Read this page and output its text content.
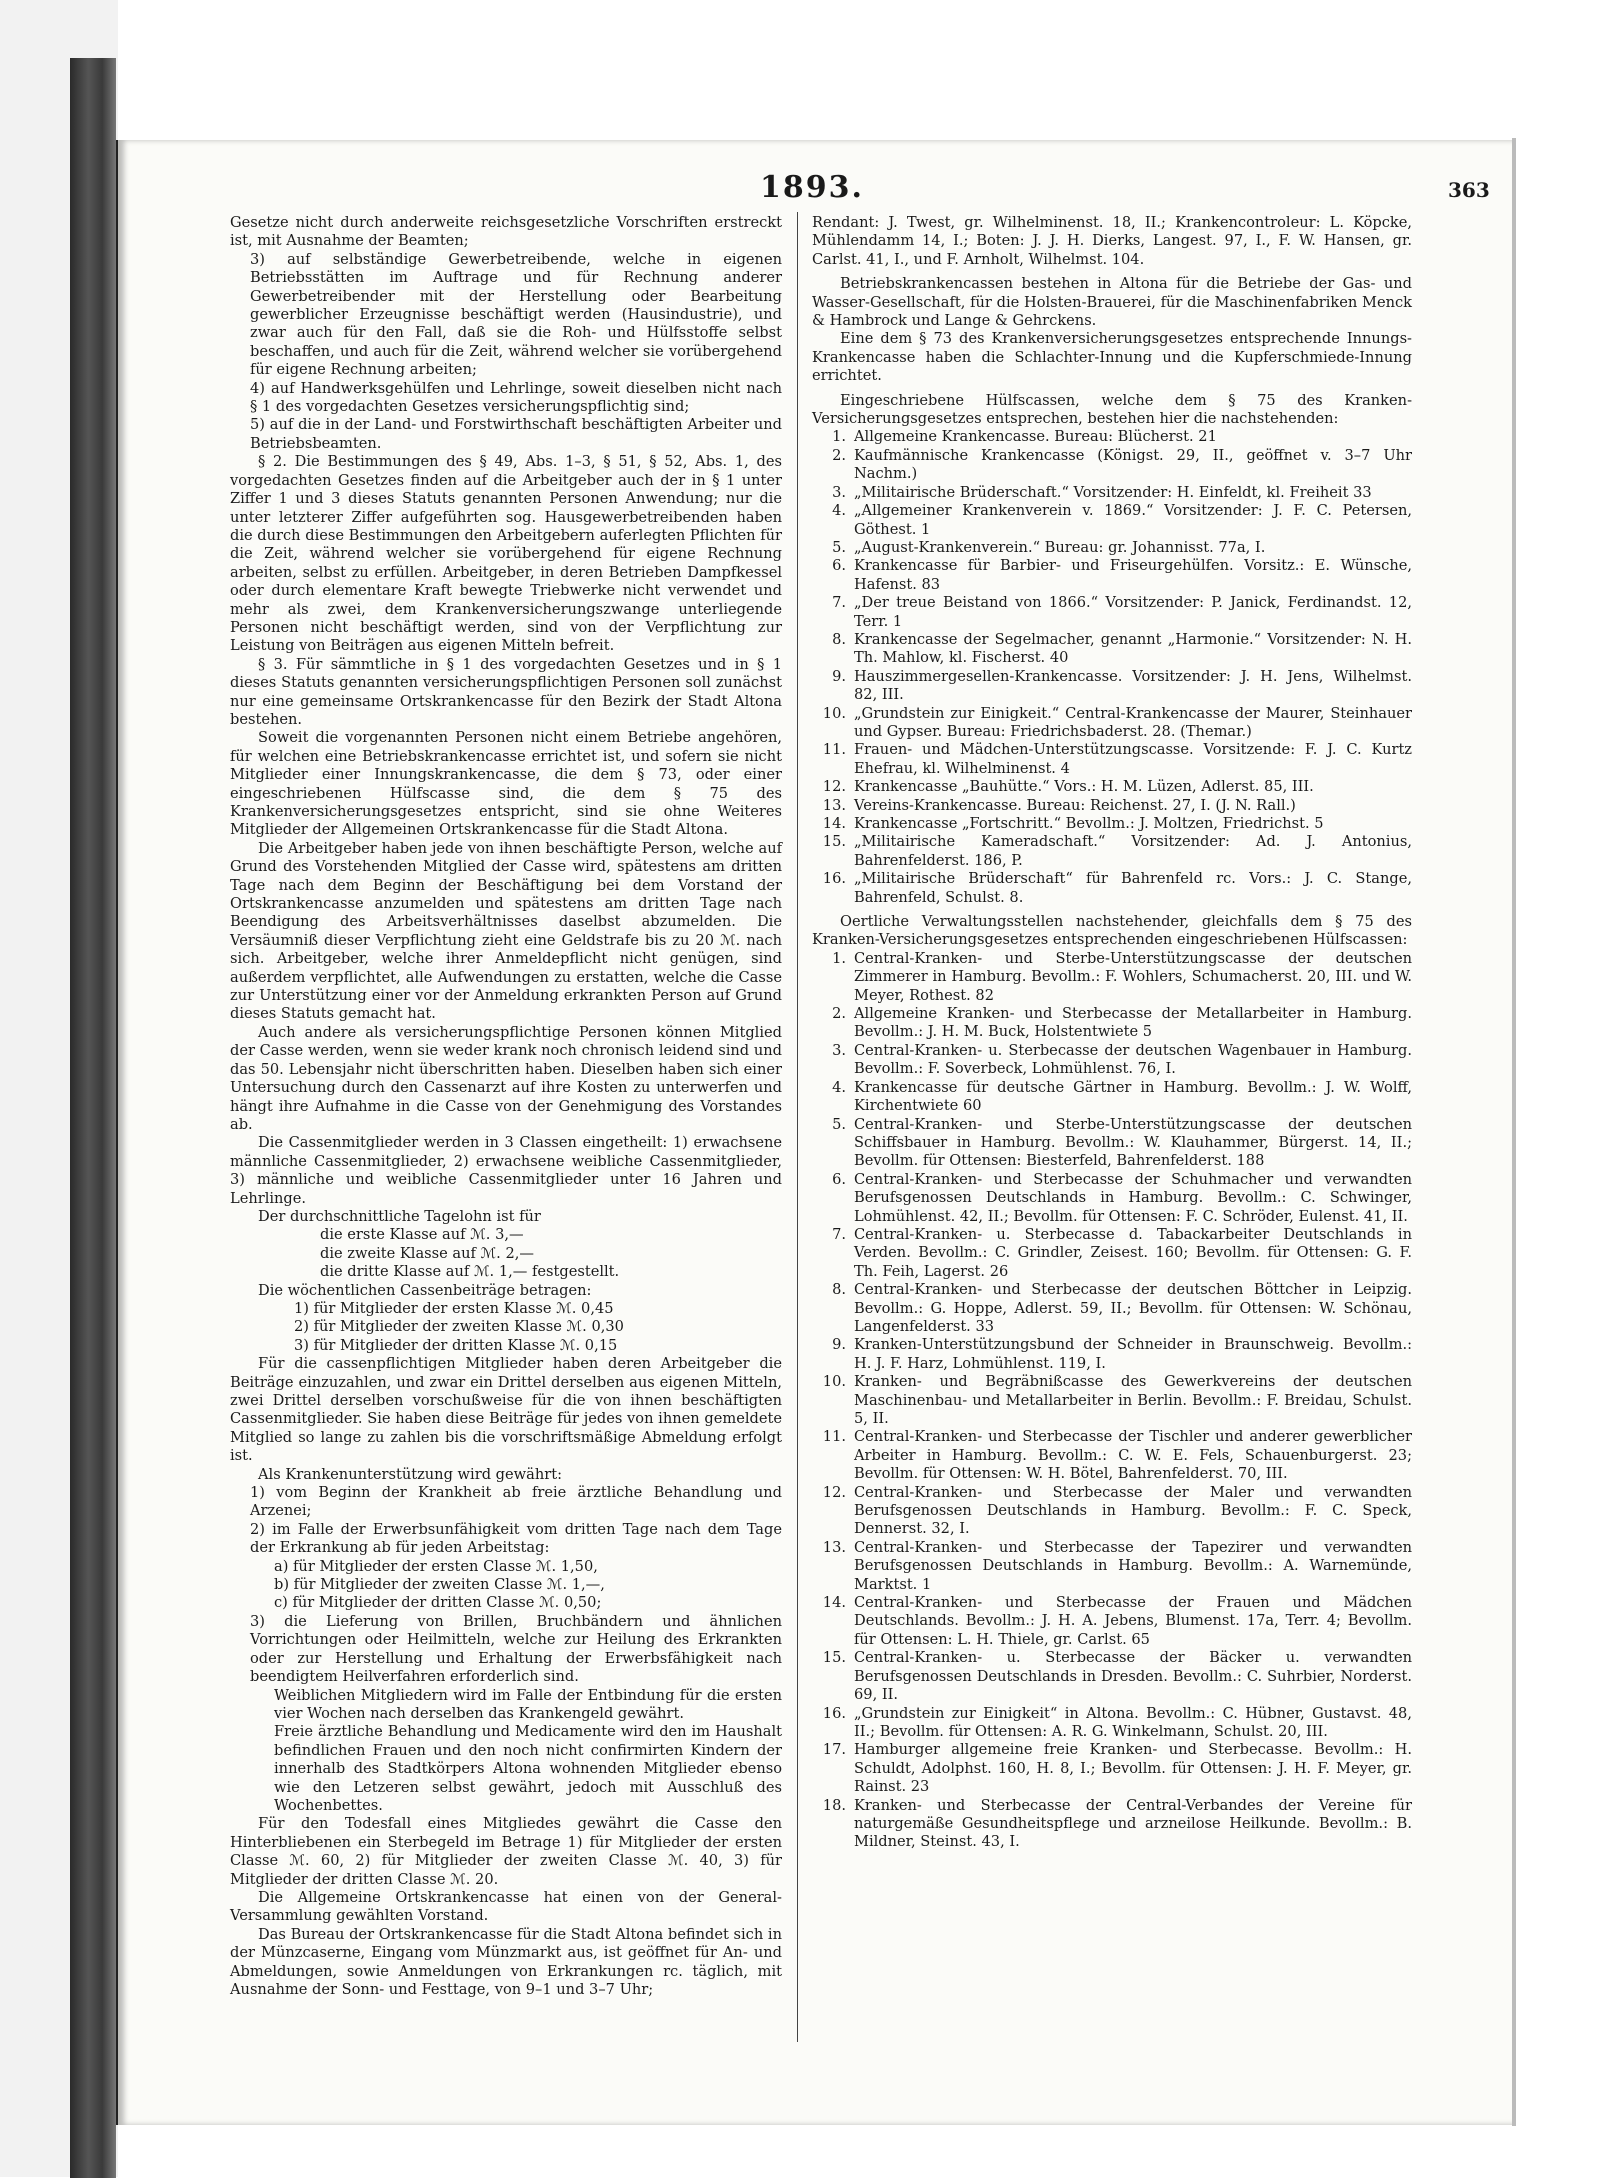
1893.	363

Gesetze nicht durch anderweite reichsgesetzliche Vorschriften erstreckt ist, mit Ausnahme der Beamten;

3) auf selbständige Gewerbetreibende, welche in eigenen Betriebsstätten im Auftrage und für Rechnung anderer Gewerbetreibender mit der Herstellung oder Bearbeitung gewerblicher Erzeugnisse beschäftigt werden (Hausindustrie), und zwar auch für den Fall, daß sie die Roh- und Hülfsstoffe selbst beschaffen, und auch für die Zeit, während welcher sie vorübergehend für eigene Rechnung arbeiten;

4) auf Handwerksgehülfen und Lehrlinge, soweit dieselben nicht nach § 1 des vorgedachten Gesetzes versicherungspflichtig sind;

5) auf die in der Land- und Forstwirthschaft beschäftigten Arbeiter und Betriebsbeamten.

§ 2. Die Bestimmungen des § 49, Abs. 1–3, § 51, § 52, Abs. 1, des vorgedachten Gesetzes finden auf die Arbeitgeber auch der in § 1 unter Ziffer 1 und 3 dieses Statuts genannten Personen Anwendung; nur die unter letzterer Ziffer aufgeführten sog. Hausgewerbetreibenden haben die durch diese Bestimmungen den Arbeitgebern auferlegten Pflichten für die Zeit, während welcher sie vorübergehend für eigene Rechnung arbeiten, selbst zu erfüllen. Arbeitgeber, in deren Betrieben Dampfkessel oder durch elementare Kraft bewegte Triebwerke nicht verwendet und mehr als zwei, dem Krankenversicherungszwange unterliegende Personen nicht beschäftigt werden, sind von der Verpflichtung zur Leistung von Beiträgen aus eigenen Mitteln befreit.

§ 3. Für sämmtliche in § 1 des vorgedachten Gesetzes und in § 1 dieses Statuts genannten versicherungspflichtigen Personen soll zunächst nur eine gemeinsame Ortskrankencasse für den Bezirk der Stadt Altona bestehen.

Soweit die vorgenannten Personen nicht einem Betriebe angehören, für welchen eine Betriebskrankencasse errichtet ist, und sofern sie nicht Mitglieder einer Innungskrankencasse, die dem § 73, oder einer eingeschriebenen Hülfscasse sind, die dem § 75 des Krankenversicherungsgesetzes entspricht, sind sie ohne Weiteres Mitglieder der Allgemeinen Ortskrankencasse für die Stadt Altona.

Die Arbeitgeber haben jede von ihnen beschäftigte Person, welche auf Grund des Vorstehenden Mitglied der Casse wird, spätestens am dritten Tage nach dem Beginn der Beschäftigung bei dem Vorstand der Ortskrankencasse anzumelden und spätestens am dritten Tage nach Beendigung des Arbeitsverhältnisses daselbst abzumelden. Die Versäumniß dieser Verpflichtung zieht eine Geldstrafe bis zu 20 ℳ. nach sich. Arbeitgeber, welche ihrer Anmeldepflicht nicht genügen, sind außerdem verpflichtet, alle Aufwendungen zu erstatten, welche die Casse zur Unterstützung einer vor der Anmeldung erkrankten Person auf Grund dieses Statuts gemacht hat.

Auch andere als versicherungspflichtige Personen können Mitglied der Casse werden, wenn sie weder krank noch chronisch leidend sind und das 50. Lebensjahr nicht überschritten haben. Dieselben haben sich einer Untersuchung durch den Cassenarzt auf ihre Kosten zu unterwerfen und hängt ihre Aufnahme in die Casse von der Genehmigung des Vorstandes ab.

Die Cassenmitglieder werden in 3 Classen eingetheilt: 1) erwachsene männliche Cassenmitglieder, 2) erwachsene weibliche Cassenmitglieder, 3) männliche und weibliche Cassenmitglieder unter 16 Jahren und Lehrlinge.

Der durchschnittliche Tagelohn ist für

die erste Klasse auf ℳ. 3,—

die zweite Klasse auf ℳ. 2,—

die dritte Klasse auf ℳ. 1,— festgestellt.

Die wöchentlichen Cassenbeiträge betragen:

1) für Mitglieder der ersten Klasse ℳ. 0,45

2) für Mitglieder der zweiten Klasse ℳ. 0,30

3) für Mitglieder der dritten Klasse ℳ. 0,15

Für die cassenpflichtigen Mitglieder haben deren Arbeitgeber die Beiträge einzuzahlen, und zwar ein Drittel derselben aus eigenen Mitteln, zwei Drittel derselben vorschußweise für die von ihnen beschäftigten Cassenmitglieder. Sie haben diese Beiträge für jedes von ihnen gemeldete Mitglied so lange zu zahlen bis die vorschriftsmäßige Abmeldung erfolgt ist.

Als Krankenunterstützung wird gewährt:

1) vom Beginn der Krankheit ab freie ärztliche Behandlung und Arzenei;

2) im Falle der Erwerbsunfähigkeit vom dritten Tage nach dem Tage der Erkrankung ab für jeden Arbeitstag:

a) für Mitglieder der ersten Classe ℳ. 1,50,

b) für Mitglieder der zweiten Classe ℳ. 1,—,

c) für Mitglieder der dritten Classe ℳ. 0,50;

3) die Lieferung von Brillen, Bruchbändern und ähnlichen Vorrichtungen oder Heilmitteln, welche zur Heilung des Erkrankten oder zur Herstellung und Erhaltung der Erwerbsfähigkeit nach beendigtem Heilverfahren erforderlich sind.

Weiblichen Mitgliedern wird im Falle der Entbindung für die ersten vier Wochen nach derselben das Krankengeld gewährt.

Freie ärztliche Behandlung und Medicamente wird den im Haushalt befindlichen Frauen und den noch nicht confirmirten Kindern der innerhalb des Stadtkörpers Altona wohnenden Mitglieder ebenso wie den Letzeren selbst gewährt, jedoch mit Ausschluß des Wochenbettes.

Für den Todesfall eines Mitgliedes gewährt die Casse den Hinterbliebenen ein Sterbegeld im Betrage 1) für Mitglieder der ersten Classe ℳ. 60, 2) für Mitglieder der zweiten Classe ℳ. 40, 3) für Mitglieder der dritten Classe ℳ. 20.

Die Allgemeine Ortskrankencasse hat einen von der General-Versammlung gewählten Vorstand.

Das Bureau der Ortskrankencasse für die Stadt Altona befindet sich in der Münzcaserne, Eingang vom Münzmarkt aus, ist geöffnet für An- und Abmeldungen, sowie Anmeldungen von Erkrankungen rc. täglich, mit Ausnahme der Sonn- und Festtage, von 9–1 und 3–7 Uhr;

Rendant: J. Twest, gr. Wilhelminenst. 18, II.; Krankencontroleur: L. Köpcke, Mühlendamm 14, I.; Boten: J. J. H. Dierks, Langest. 97, I., F. W. Hansen, gr. Carlst. 41, I., und F. Arnholt, Wilhelmst. 104.

Betriebskrankencassen bestehen in Altona für die Betriebe der Gas- und Wasser-Gesellschaft, für die Holsten-Brauerei, für die Maschinenfabriken Menck & Hambrock und Lange & Gehrckens.

Eine dem § 73 des Krankenversicherungsgesetzes entsprechende Innungs-Krankencasse haben die Schlachter-Innung und die Kupferschmiede-Innung errichtet.

Eingeschriebene Hülfscassen, welche dem § 75 des Kranken-Versicherungsgesetzes entsprechen, bestehen hier die nachstehenden:

1. Allgemeine Krankencasse. Bureau: Blücherst. 21
2. Kaufmännische Krankencasse (Königst. 29, II., geöffnet v. 3–7 Uhr Nachm.)
3. „Militairische Brüderschaft.“ Vorsitzender: H. Einfeldt, kl. Freiheit 33
4. „Allgemeiner Krankenverein v. 1869.“ Vorsitzender: J. F. C. Petersen, Göthest. 1
5. „August-Krankenverein.“ Bureau: gr. Johannisst. 77a, I.
6. Krankencasse für Barbier- und Friseurgehülfen. Vorsitz.: E. Wünsche, Hafenst. 83
7. „Der treue Beistand von 1866.“ Vorsitzender: P. Janick, Ferdinandst. 12, Terr. 1
8. Krankencasse der Segelmacher, genannt „Harmonie.“ Vorsitzender: N. H. Th. Mahlow, kl. Fischerst. 40
9. Hauszimmergesellen-Krankencasse. Vorsitzender: J. H. Jens, Wilhelmst. 82, III.
10. „Grundstein zur Einigkeit.“ Central-Krankencasse der Maurer, Steinhauer und Gypser. Bureau: Friedrichsbaderst. 28. (Themar.)
11. Frauen- und Mädchen-Unterstützungscasse. Vorsitzende: F. J. C. Kurtz Ehefrau, kl. Wilhelminenst. 4
12. Krankencasse „Bauhütte.“ Vors.: H. M. Lüzen, Adlerst. 85, III.
13. Vereins-Krankencasse. Bureau: Reichenst. 27, I. (J. N. Rall.)
14. Krankencasse „Fortschritt.“ Bevollm.: J. Moltzen, Friedrichst. 5
15. „Militairische Kameradschaft.“ Vorsitzender: Ad. J. Antonius, Bahrenfelderst. 186, P.
16. „Militairische Brüderschaft“ für Bahrenfeld rc. Vors.: J. C. Stange, Bahrenfeld, Schulst. 8.

Oertliche Verwaltungsstellen nachstehender, gleichfalls dem § 75 des Kranken-Versicherungsgesetzes entsprechenden eingeschriebenen Hülfscassen:

1. Central-Kranken- und Sterbe-Unterstützungscasse der deutschen Zimmerer in Hamburg. Bevollm.: F. Wohlers, Schumacherst. 20, III. und W. Meyer, Rothest. 82
2. Allgemeine Kranken- und Sterbecasse der Metallarbeiter in Hamburg. Bevollm.: J. H. M. Buck, Holstentwiete 5
3. Central-Kranken- u. Sterbecasse der deutschen Wagenbauer in Hamburg. Bevollm.: F. Soverbeck, Lohmühlenst. 76, I.
4. Krankencasse für deutsche Gärtner in Hamburg. Bevollm.: J. W. Wolff, Kirchentwiete 60
5. Central-Kranken- und Sterbe-Unterstützungscasse der deutschen Schiffsbauer in Hamburg. Bevollm.: W. Klauhammer, Bürgerst. 14, II.; Bevollm. für Ottensen: Biesterfeld, Bahrenfelderst. 188
6. Central-Kranken- und Sterbecasse der Schuhmacher und verwandten Berufsgenossen Deutschlands in Hamburg. Bevollm.: C. Schwinger, Lohmühlenst. 42, II.; Bevollm. für Ottensen: F. C. Schröder, Eulenst. 41, II.
7. Central-Kranken- u. Sterbecasse d. Tabackarbeiter Deutschlands in Verden. Bevollm.: C. Grindler, Zeisest. 160; Bevollm. für Ottensen: G. F. Th. Feih, Lagerst. 26
8. Central-Kranken- und Sterbecasse der deutschen Böttcher in Leipzig. Bevollm.: G. Hoppe, Adlerst. 59, II.; Bevollm. für Ottensen: W. Schönau, Langenfelderst. 33
9. Kranken-Unterstützungsbund der Schneider in Braunschweig. Bevollm.: H. J. F. Harz, Lohmühlenst. 119, I.
10. Kranken- und Begräbnißcasse des Gewerkvereins der deutschen Maschinenbau- und Metallarbeiter in Berlin. Bevollm.: F. Breidau, Schulst. 5, II.
11. Central-Kranken- und Sterbecasse der Tischler und anderer gewerblicher Arbeiter in Hamburg. Bevollm.: C. W. E. Fels, Schauenburgerst. 23; Bevollm. für Ottensen: W. H. Bötel, Bahrenfelderst. 70, III.
12. Central-Kranken- und Sterbecasse der Maler und verwandten Berufsgenossen Deutschlands in Hamburg. Bevollm.: F. C. Speck, Dennerst. 32, I.
13. Central-Kranken- und Sterbecasse der Tapezirer und verwandten Berufsgenossen Deutschlands in Hamburg. Bevollm.: A. Warnemünde, Marktst. 1
14. Central-Kranken- und Sterbecasse der Frauen und Mädchen Deutschlands. Bevollm.: J. H. A. Jebens, Blumenst. 17a, Terr. 4; Bevollm. für Ottensen: L. H. Thiele, gr. Carlst. 65
15. Central-Kranken- u. Sterbecasse der Bäcker u. verwandten Berufsgenossen Deutschlands in Dresden. Bevollm.: C. Suhrbier, Norderst. 69, II.
16. „Grundstein zur Einigkeit“ in Altona. Bevollm.: C. Hübner, Gustavst. 48, II.; Bevollm. für Ottensen: A. R. G. Winkelmann, Schulst. 20, III.
17. Hamburger allgemeine freie Kranken- und Sterbecasse. Bevollm.: H. Schuldt, Adolphst. 160, H. 8, I.; Bevollm. für Ottensen: J. H. F. Meyer, gr. Rainst. 23
18. Kranken- und Sterbecasse der Central-Verbandes der Vereine für naturgemäße Gesundheitspflege und arzneilose Heilkunde. Bevollm.: B. Mildner, Steinst. 43, I.
